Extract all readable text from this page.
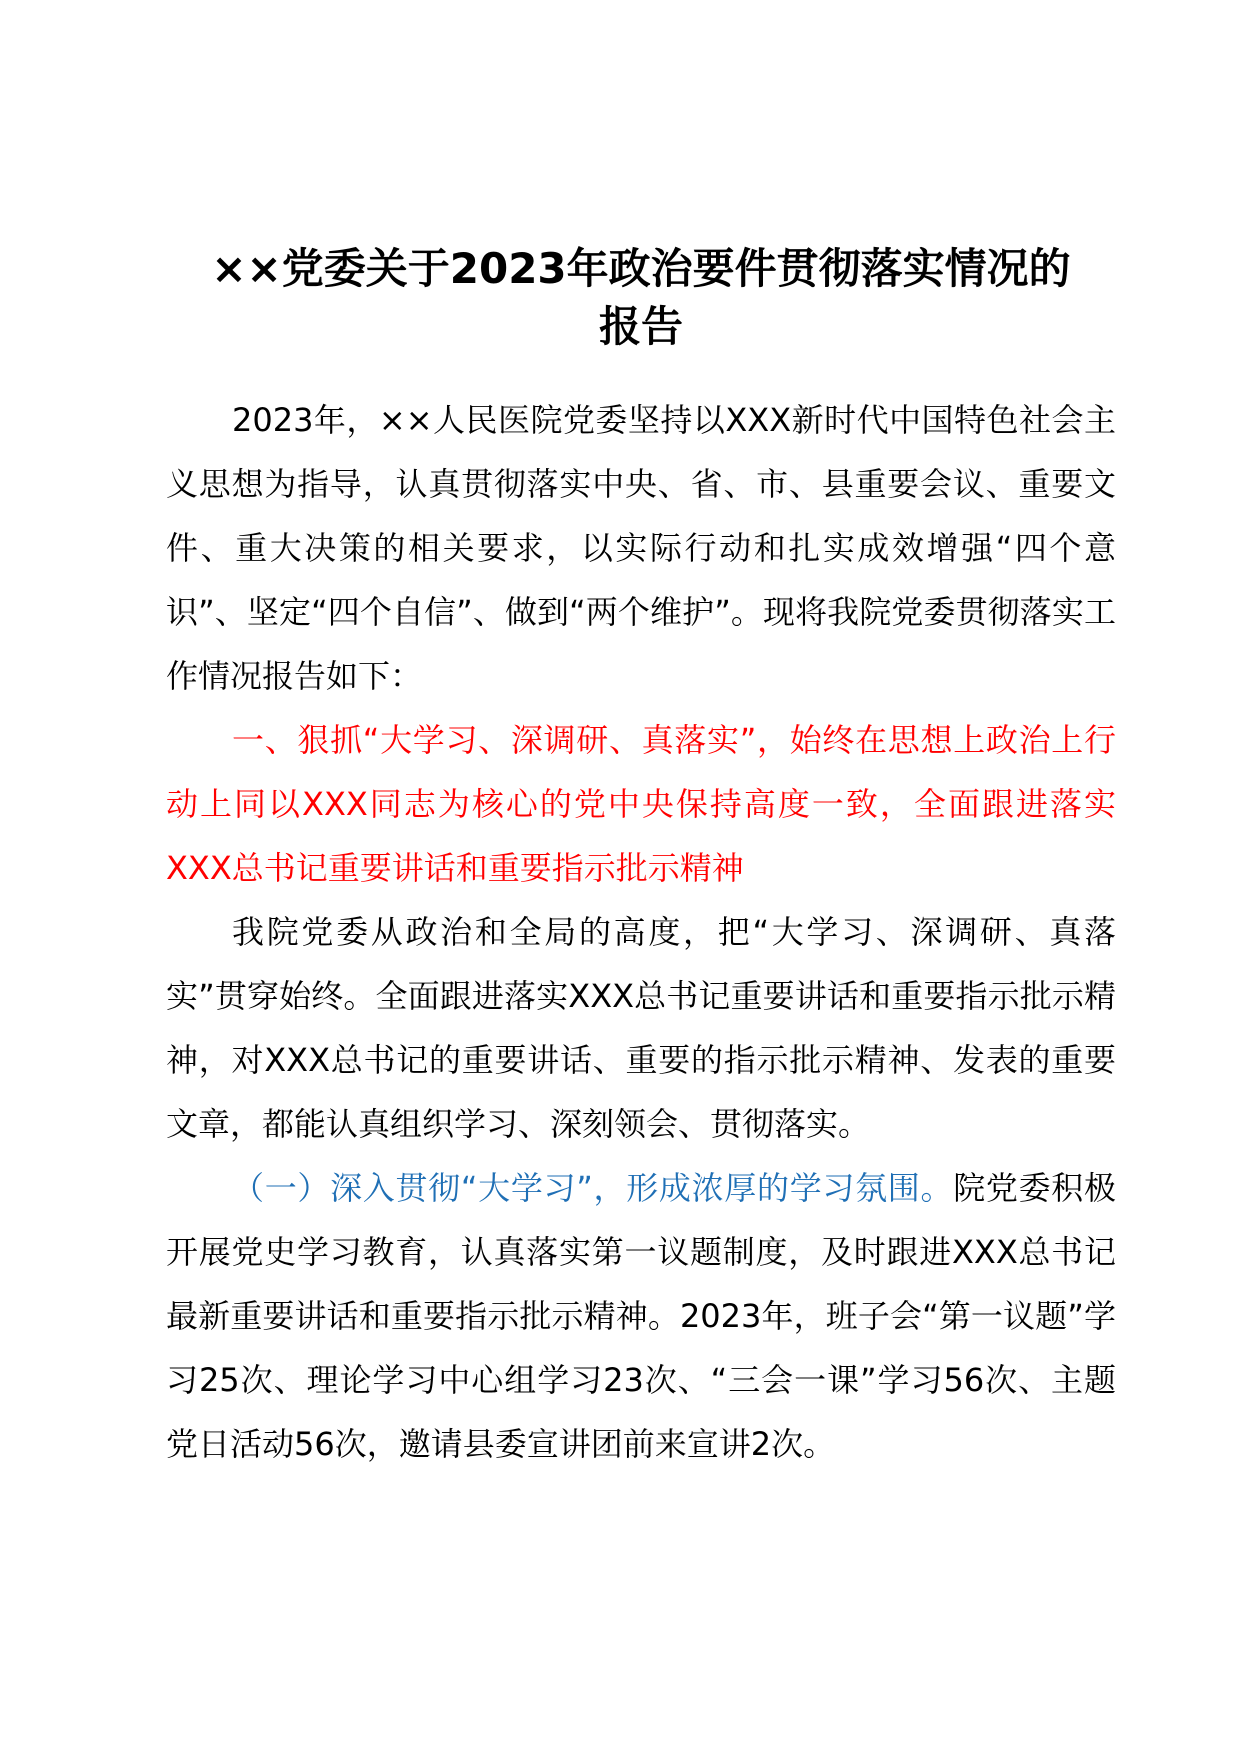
××党委关于2023年政治要件贯彻落实情况的
报告

2023年，××人民医院党委坚持以XXX新时代中国特色社会主义思想为指导，认真贯彻落实中央、省、市、县重要会议、重要文件、重大决策的相关要求，以实际行动和扎实成效增强“四个意识”、坚定“四个自信”、做到“两个维护”。现将我院党委贯彻落实工作情况报告如下：

一、狠抓“大学习、深调研、真落实”，始终在思想上政治上行动上同以XXX同志为核心的党中央保持高度一致，全面跟进落实XXX总书记重要讲话和重要指示批示精神

我院党委从政治和全局的高度，把“大学习、深调研、真落实”贯穿始终。全面跟进落实XXX总书记重要讲话和重要指示批示精神，对XXX总书记的重要讲话、重要的指示批示精神、发表的重要文章，都能认真组织学习、深刻领会、贯彻落实。

（一）深入贯彻“大学习”，形成浓厚的学习氛围。院党委积极开展党史学习教育，认真落实第一议题制度，及时跟进XXX总书记最新重要讲话和重要指示批示精神。2023年，班子会“第一议题”学习25次、理论学习中心组学习23次、“三会一课”学习56次、主题党日活动56次，邀请县委宣讲团前来宣讲2次。
